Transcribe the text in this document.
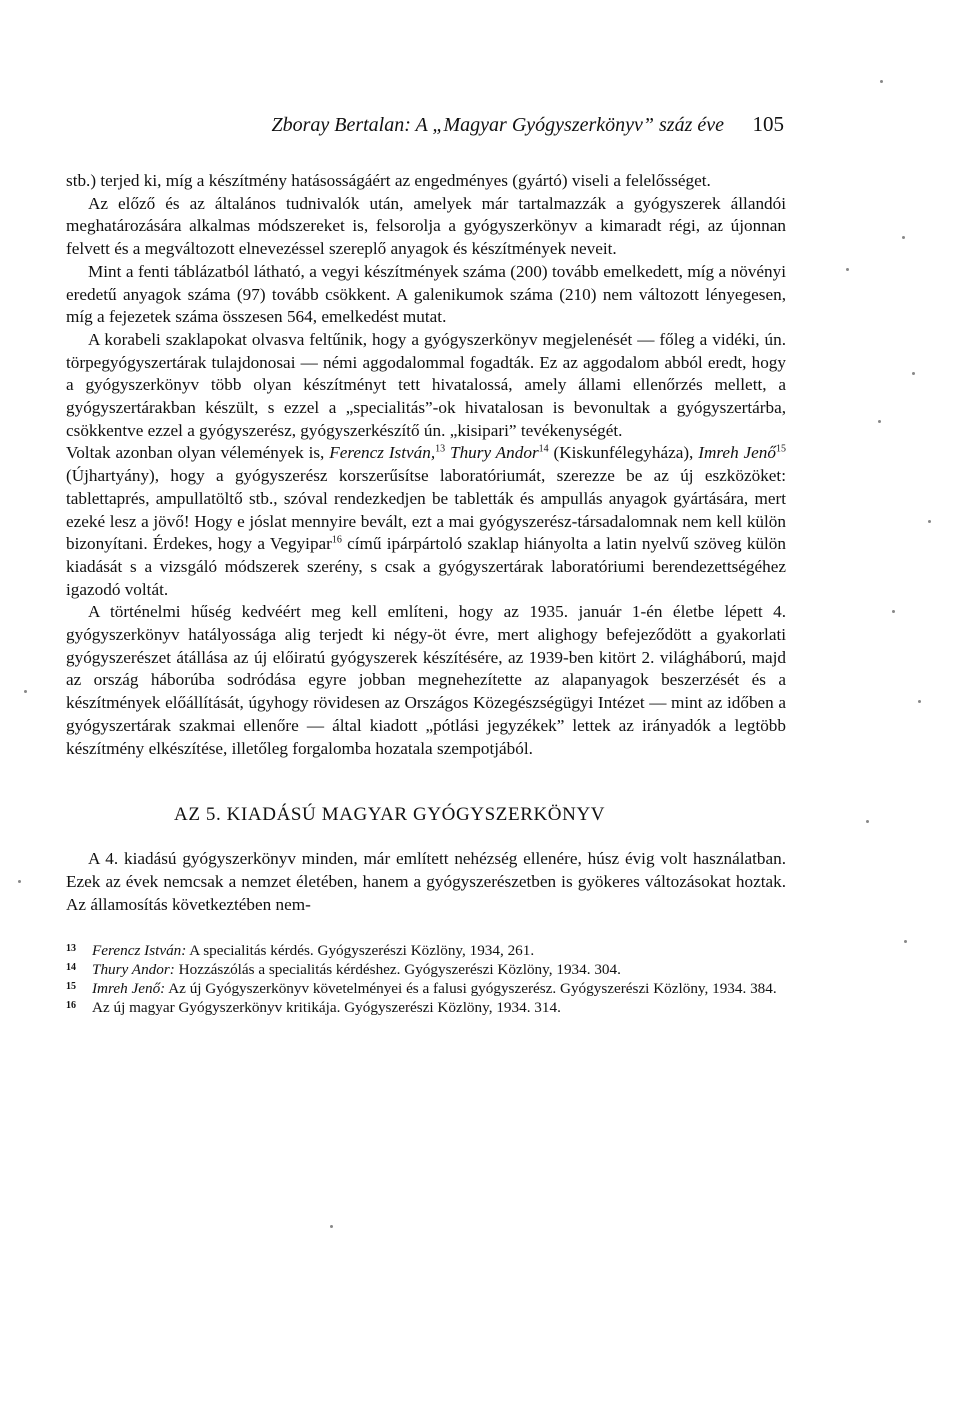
Zboray Bertalan: A „Magyar Gyógyszerkönyv” száz éve 105

stb.) terjed ki, míg a készítmény hatásosságáért az engedményes (gyártó) viseli a felelősséget.

Az előző és az általános tudnivalók után, amelyek már tartalmazzák a gyógyszerek állandói meghatározására alkalmas módszereket is, felsorolja a gyógyszerkönyv a kimaradt régi, az újonnan felvett és a megváltozott elnevezéssel szereplő anyagok és készítmények neveit.

Mint a fenti táblázatból látható, a vegyi készítmények száma (200) tovább emelkedett, míg a növényi eredetű anyagok száma (97) tovább csökkent. A galenikumok száma (210) nem változott lényegesen, míg a fejezetek száma összesen 564, emelkedést mutat.

A korabeli szaklapokat olvasva feltűnik, hogy a gyógyszerkönyv megjelenését — főleg a vidéki, ún. törpegyógyszertárak tulajdonosai — némi aggodalommal fogadták. Ez az aggodalom abból eredt, hogy a gyógyszerkönyv több olyan készítményt tett hivatalossá, amely állami ellenőrzés mellett, a gyógyszertárakban készült, s ezzel a „specialitás”-ok hivatalosan is bevonultak a gyógyszertárba, csökkentve ezzel a gyógyszerész, gyógyszerkészítő ún. „kisipari” tevékenységét.

Voltak azonban olyan vélemények is, Ferencz István,$^{13}$ Thury Andor$^{14}$ (Kiskunfélegyháza), Imreh Jenő$^{15}$ (Újhartyány), hogy a gyógyszerész korszerűsítse laboratóriumát, szerezze be az új eszközöket: tablettaprés, ampullatöltő stb., szóval rendezkedjen be tabletták és ampullás anyagok gyártására, mert ezeké lesz a jövő! Hogy e jóslat mennyire bevált, ezt a mai gyógyszerész-társadalomnak nem kell külön bizonyítani. Érdekes, hogy a Vegyipar$^{16}$ című ipárpártoló szaklap hiányolta a latin nyelvű szöveg külön kiadását s a vizsgáló módszerek szerény, s csak a gyógyszertárak laboratóriumi berendezettségéhez igazodó voltát.

A történelmi hűség kedvéért meg kell említeni, hogy az 1935. január 1-én életbe lépett 4. gyógyszerkönyv hatályossága alig terjedt ki négy-öt évre, mert alighogy befejeződött a gyakorlati gyógyszerészet átállása az új előiratú gyógyszerek készítésére, az 1939-ben kitört 2. világháború, majd az ország háborúba sodródása egyre jobban megnehezítette az alapanyagok beszerzését és a készítmények előállítását, úgyhogy rövidesen az Országos Közegészségügyi Intézet — mint az időben a gyógyszertárak szakmai ellenőre — által kiadott „pótlási jegyzékek” lettek az irányadók a legtöbb készítmény elkészítése, illetőleg forgalomba hozatala szempotjából.

AZ 5. KIADÁSÚ MAGYAR GYÓGYSZERKÖNYV

A 4. kiadású gyógyszerkönyv minden, már említett nehézség ellenére, húsz évig volt használatban. Ezek az évek nemcsak a nemzet életében, hanem a gyógyszerészetben is gyökeres változásokat hoztak. Az államosítás következtében nem-

13	Ferencz István: A specialitás kérdés. Gyógyszerészi Közlöny, 1934, 261.
14	Thury Andor: Hozzászólás a specialitás kérdéshez. Gyógyszerészi Közlöny, 1934. 304.
15	Imreh Jenő: Az új Gyógyszerkönyv követelményei és a falusi gyógyszerész. Gyógyszerészi Közlöny, 1934. 384.
16	Az új magyar Gyógyszerkönyv kritikája. Gyógyszerészi Közlöny, 1934. 314.
